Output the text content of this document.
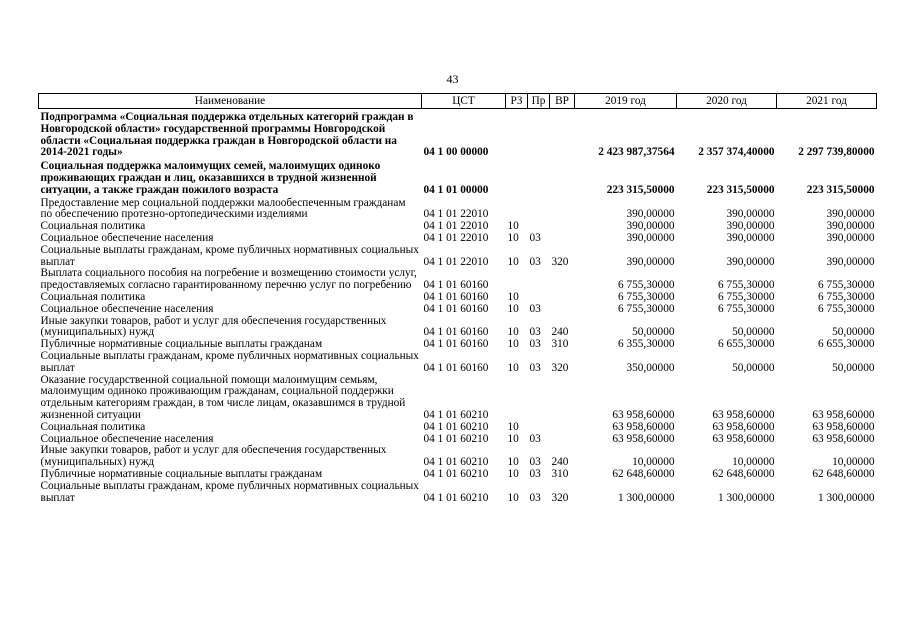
43
Наименование	ЦСТ	РЗ	Пр	ВР	2019 год	2020 год	2021 год
Подпрограмма «Социальная поддержка отдельных категорий граждан в Новгородской области» государственной программы Новгородской области «Социальная поддержка граждан в Новгородской области на 2014-2021 годы»	04 1 00 00000				2 423 987,37564	2 357 374,40000	2 297 739,80000
Социальная поддержка малоимущих семей, малоимущих одиноко проживающих граждан и лиц, оказавшихся в трудной жизненной ситуации, а также граждан пожилого возраста	04 1 01 00000				223 315,50000	223 315,50000	223 315,50000
Предоставление мер социальной поддержки малообеспеченным гражданам по обеспечению протезно-ортопедическими изделиями	04 1 01 22010				390,00000	390,00000	390,00000
Социальная политика	04 1 01 22010	10			390,00000	390,00000	390,00000
Социальное обеспечение населения	04 1 01 22010	10	03		390,00000	390,00000	390,00000
Социальные выплаты гражданам, кроме публичных нормативных социальных выплат	04 1 01 22010	10	03	320	390,00000	390,00000	390,00000
Выплата социального пособия на погребение и возмещению стоимости услуг, предоставляемых согласно гарантированному перечню услуг по погребению	04 1 01 60160				6 755,30000	6 755,30000	6 755,30000
Социальная политика	04 1 01 60160	10			6 755,30000	6 755,30000	6 755,30000
Социальное обеспечение населения	04 1 01 60160	10	03		6 755,30000	6 755,30000	6 755,30000
Иные закупки товаров, работ и услуг для обеспечения государственных (муниципальных) нужд	04 1 01 60160	10	03	240	50,00000	50,00000	50,00000
Публичные нормативные социальные выплаты гражданам	04 1 01 60160	10	03	310	6 355,30000	6 655,30000	6 655,30000
Социальные выплаты гражданам, кроме публичных нормативных социальных выплат	04 1 01 60160	10	03	320	350,00000	50,00000	50,00000
Оказание государственной социальной помощи малоимущим семьям, малоимущим одиноко проживающим гражданам, социальной поддержки отдельным категориям граждан, в том числе лицам, оказавшимся в трудной жизненной ситуации	04 1 01 60210				63 958,60000	63 958,60000	63 958,60000
Социальная политика	04 1 01 60210	10			63 958,60000	63 958,60000	63 958,60000
Социальное обеспечение населения	04 1 01 60210	10	03		63 958,60000	63 958,60000	63 958,60000
Иные закупки товаров, работ и услуг для обеспечения государственных (муниципальных) нужд	04 1 01 60210	10	03	240	10,00000	10,00000	10,00000
Публичные нормативные социальные выплаты гражданам	04 1 01 60210	10	03	310	62 648,60000	62 648,60000	62 648,60000
Социальные выплаты гражданам, кроме публичных нормативных социальных выплат	04 1 01 60210	10	03	320	1 300,00000	1 300,00000	1 300,00000
